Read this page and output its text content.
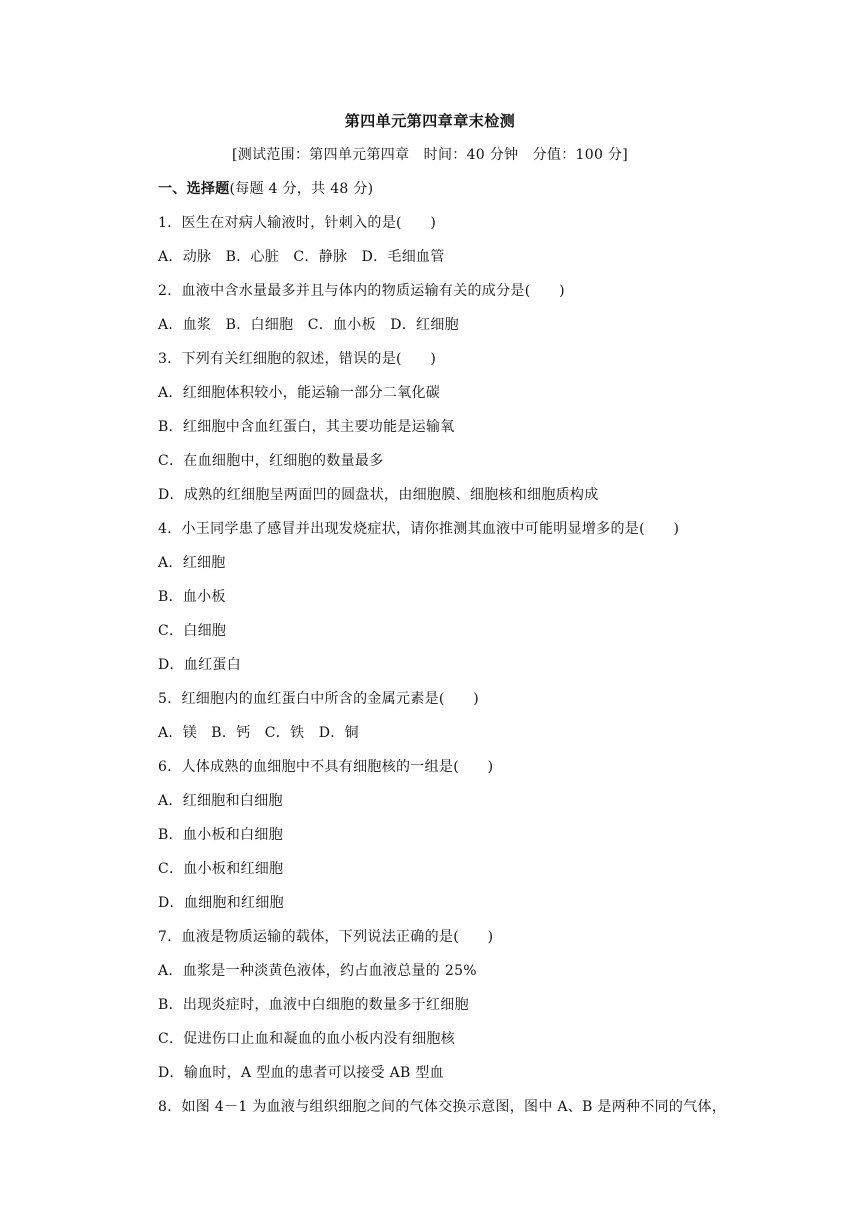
第四单元第四章章末检测
[测试范围：第四单元第四章　时间：40 分钟　分值：100 分]
一、选择题(每题 4 分，共 48 分)
1．医生在对病人输液时，针刺入的是(　　)
A．动脉　B．心脏　C．静脉　D．毛细血管
2．血液中含水量最多并且与体内的物质运输有关的成分是(　　)
A．血浆　B．白细胞　C．血小板　D．红细胞
3．下列有关红细胞的叙述，错误的是(　　)
A．红细胞体积较小，能运输一部分二氧化碳
B．红细胞中含血红蛋白，其主要功能是运输氧
C．在血细胞中，红细胞的数量最多
D．成熟的红细胞呈两面凹的圆盘状，由细胞膜、细胞核和细胞质构成
4．小王同学患了感冒并出现发烧症状，请你推测其血液中可能明显增多的是(　　)
A．红细胞
B．血小板
C．白细胞
D．血红蛋白
5．红细胞内的血红蛋白中所含的金属元素是(　　)
A．镁　B．钙　C．铁　D．铜
6．人体成熟的血细胞中不具有细胞核的一组是(　　)
A．红细胞和白细胞
B．血小板和白细胞
C．血小板和红细胞
D．血细胞和红细胞
7．血液是物质运输的载体，下列说法正确的是(　　)
A．血浆是一种淡黄色液体，约占血液总量的 25%
B．出现炎症时，血液中白细胞的数量多于红细胞
C．促进伤口止血和凝血的血小板内没有细胞核
D．输血时，A 型血的患者可以接受 AB 型血
8．如图 4－1 为血液与组织细胞之间的气体交换示意图，图中 A、B 是两种不同的气体，
